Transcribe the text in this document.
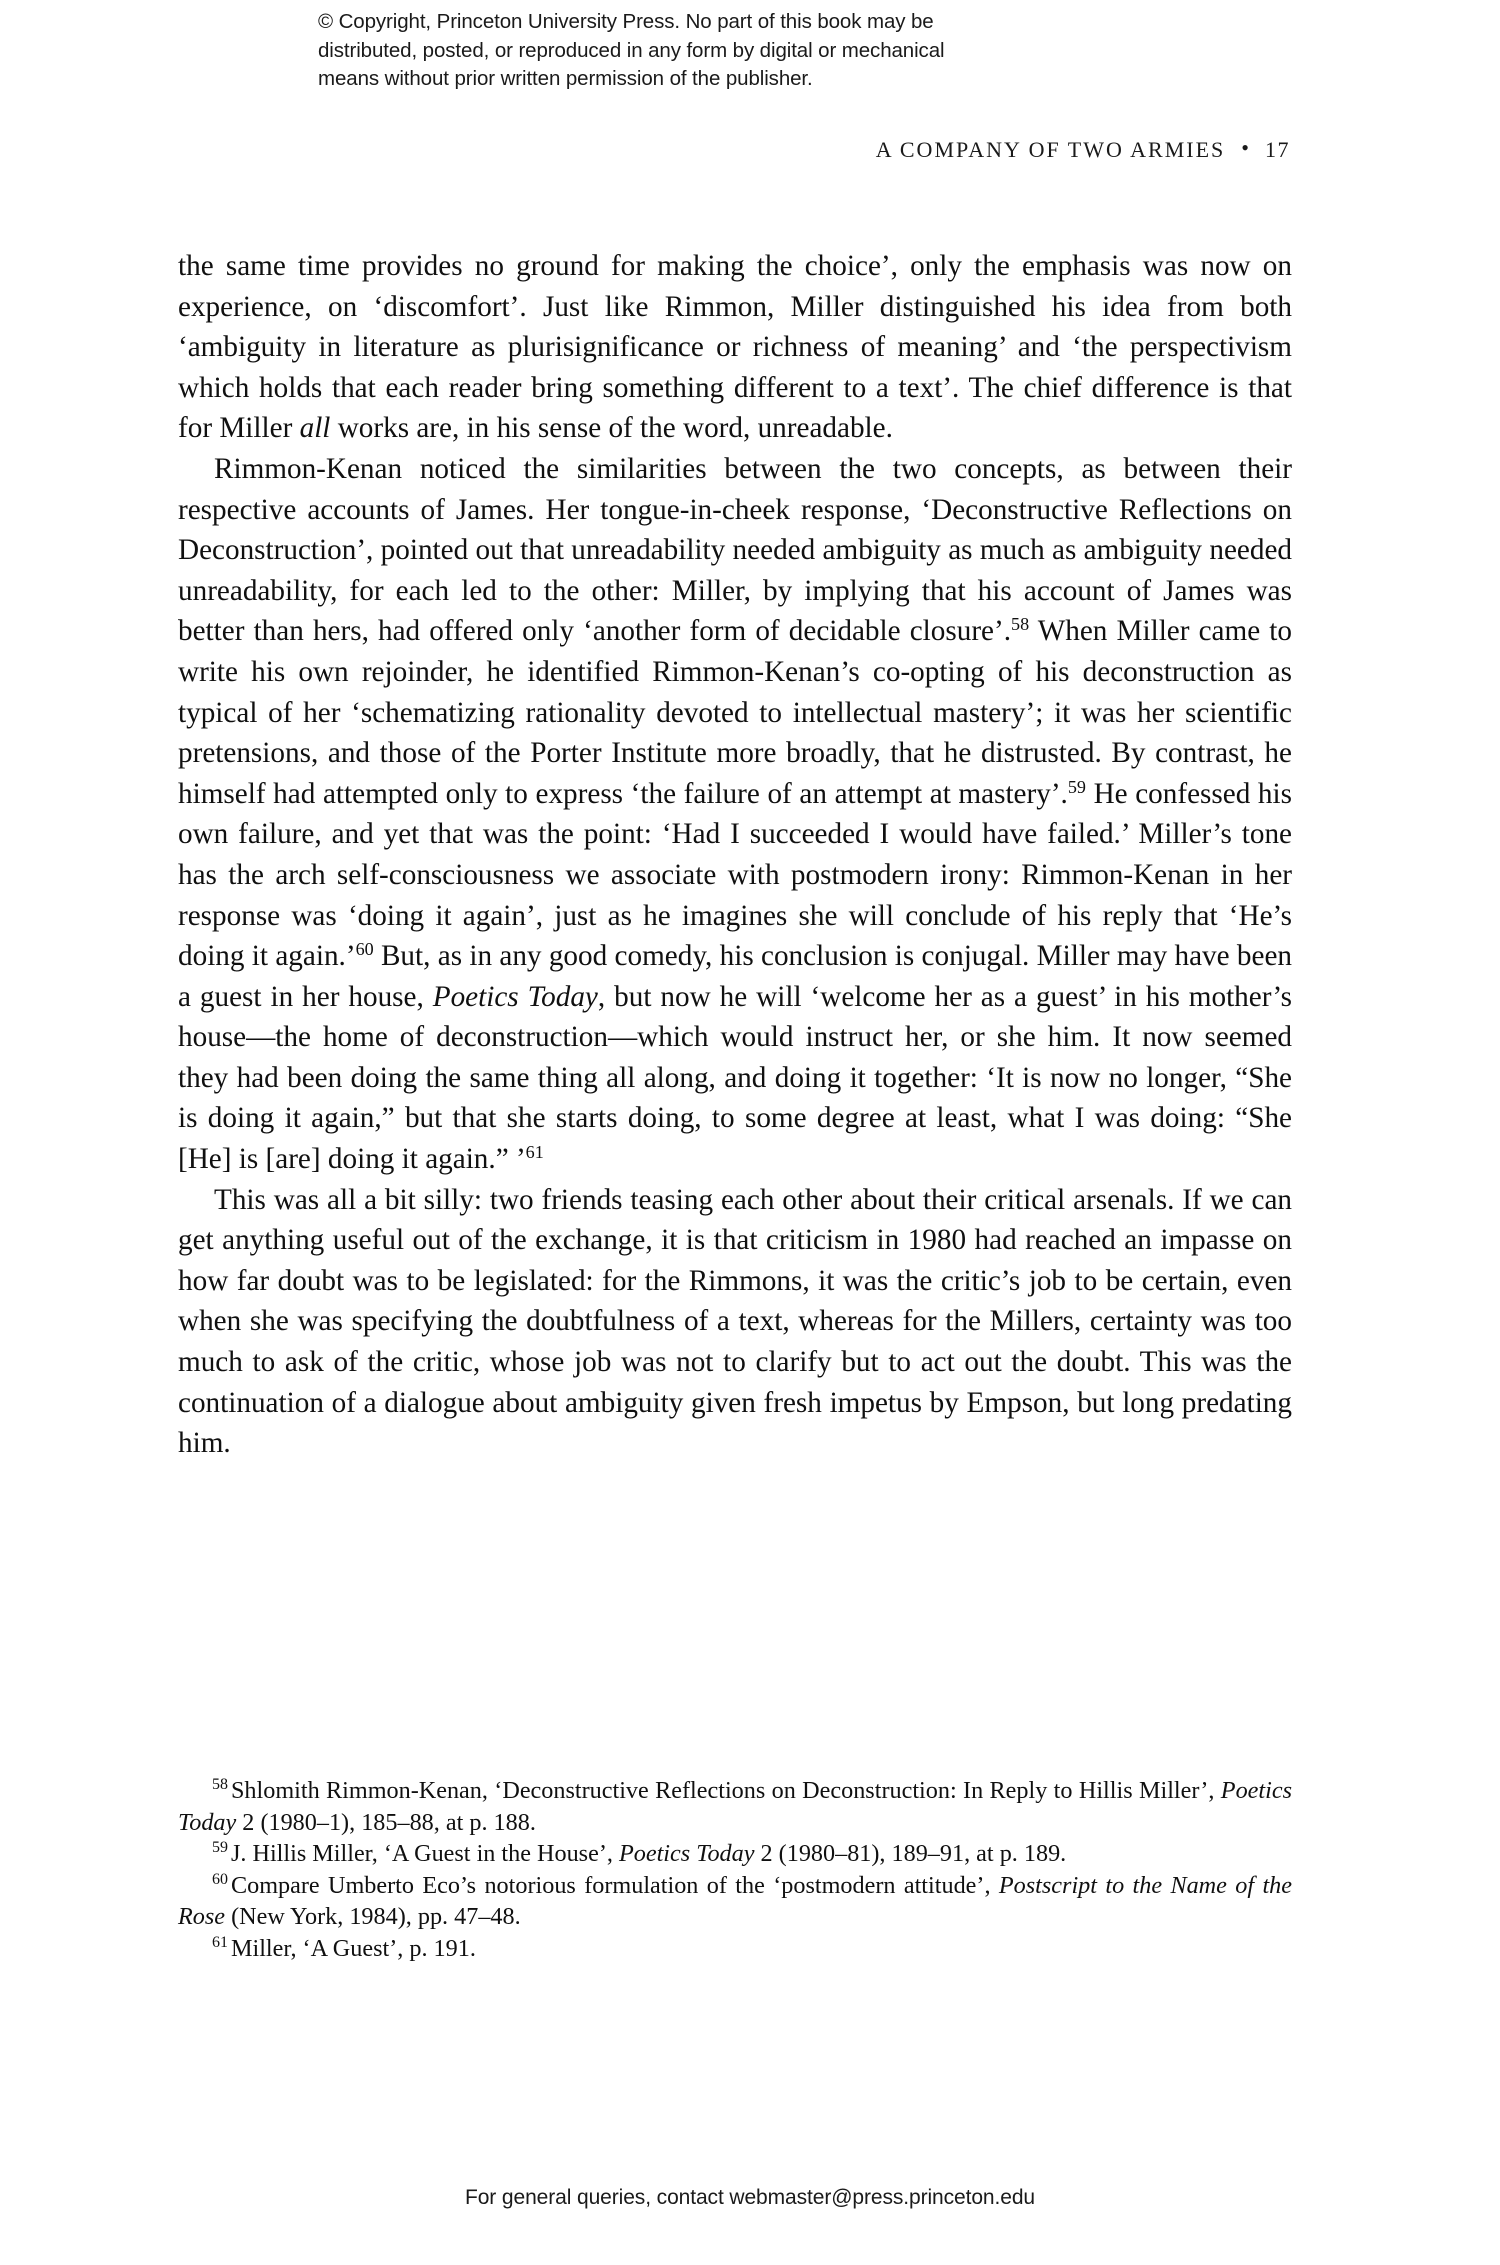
© Copyright, Princeton University Press. No part of this book may be
distributed, posted, or reproduced in any form by digital or mechanical
means without prior written permission of the publisher.
A COMPANY OF TWO ARMIES • 17

the same time provides no ground for making the choice’, only the emphasis was now on experience, on ‘discomfort’. Just like Rimmon, Miller distinguished his idea from both ‘ambiguity in literature as plurisignificance or richness of meaning’ and ‘the perspectivism which holds that each reader bring something different to a text’. The chief difference is that for Miller all works are, in his sense of the word, unreadable.

Rimmon-Kenan noticed the similarities between the two concepts, as between their respective accounts of James. Her tongue-in-cheek response, ‘Deconstructive Reflections on Deconstruction’, pointed out that unreadability needed ambiguity as much as ambiguity needed unreadability, for each led to the other: Miller, by implying that his account of James was better than hers, had offered only ‘another form of decidable closure’.$^{58}$ When Miller came to write his own rejoinder, he identified Rimmon-Kenan’s co-opting of his deconstruction as typical of her ‘schematizing rationality devoted to intellectual mastery’; it was her scientific pretensions, and those of the Porter Institute more broadly, that he distrusted. By contrast, he himself had attempted only to express ‘the failure of an attempt at mastery’.$^{59}$ He confessed his own failure, and yet that was the point: ‘Had I succeeded I would have failed.’ Miller’s tone has the arch self-consciousness we associate with postmodern irony: Rimmon-Kenan in her response was ‘doing it again’, just as he imagines she will conclude of his reply that ‘He’s doing it again.’$^{60}$ But, as in any good comedy, his conclusion is conjugal. Miller may have been a guest in her house, Poetics Today, but now he will ‘welcome her as a guest’ in his mother’s house—the home of deconstruction—which would instruct her, or she him. It now seemed they had been doing the same thing all along, and doing it together: ‘It is now no longer, “She is doing it again,” but that she starts doing, to some degree at least, what I was doing: “She [He] is [are] doing it again.” ’$^{61}$

This was all a bit silly: two friends teasing each other about their critical arsenals. If we can get anything useful out of the exchange, it is that criticism in 1980 had reached an impasse on how far doubt was to be legislated: for the Rimmons, it was the critic’s job to be certain, even when she was specifying the doubtfulness of a text, whereas for the Millers, certainty was too much to ask of the critic, whose job was not to clarify but to act out the doubt. This was the continuation of a dialogue about ambiguity given fresh impetus by Empson, but long predating him.

$^{58}$ Shlomith Rimmon-Kenan, ‘Deconstructive Reflections on Deconstruction: In Reply to Hillis Miller’, Poetics Today 2 (1980–1), 185–88, at p. 188.

$^{59}$ J. Hillis Miller, ‘A Guest in the House’, Poetics Today 2 (1980–81), 189–91, at p. 189.

$^{60}$ Compare Umberto Eco’s notorious formulation of the ‘postmodern attitude’, Postscript to the Name of the Rose (New York, 1984), pp. 47–48.

$^{61}$ Miller, ‘A Guest’, p. 191.

For general queries, contact webmaster@press.princeton.edu
